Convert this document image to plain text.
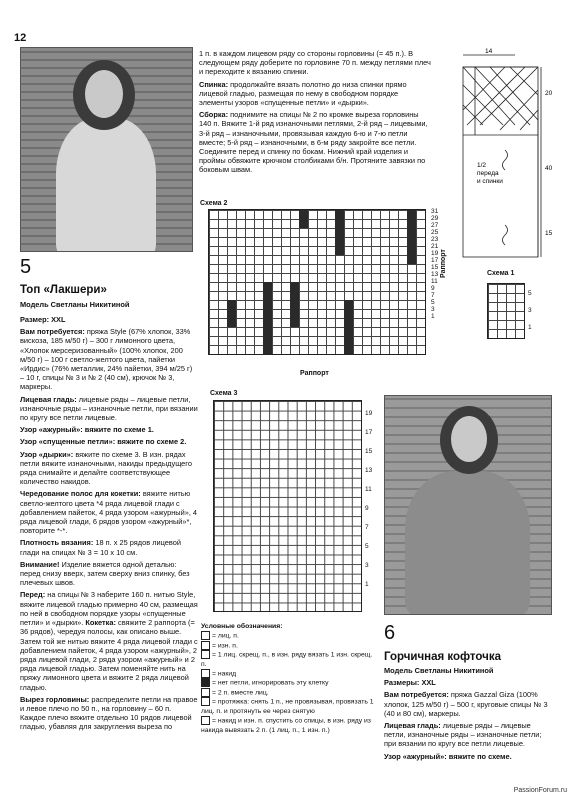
12
5
Топ «Лакшери»
Модель Светланы Никитиной

Размер: XXL

Вам потребуется: пряжа Style (67% хлопок, 33% вискоза, 185 м/50 г) – 300 г лимонного цвета, «Хлопок мерсеризованный» (100% хлопок, 200 м/50 г) – 100 г светло-желтого цвета, пайетки «Ирдис» (76% металлик, 24% пайетки, 394 м/25 г) – 10 г, спицы № 3 и № 2 (40 см), крючок № 3, маркеры.

Лицевая гладь: лицевые ряды – лицевые петли, изнаночные ряды – изнаночные петли, при вязании по кругу все петли лицевые.

Узор «ажурный»: вяжите по схеме 1.

Узор «спущенные петли»: вяжите по схеме 2.

Узор «дырки»: вяжите по схеме 3. В изн. рядах петли вяжите изнаночными, накиды предыдущего ряда снимайте и делайте соответствующее количество накидов.

Чередование полос для кокетки: вяжите нитью светло-желтого цвета *4 ряда лицевой глади с добавлением пайеток, 4 ряда узором «ажурный», 4 ряда лицевой глади, 6 рядов узором «ажурный»*, повторите *-*.

Плотность вязания: 18 п. х 25 рядов лицевой глади на спицах № 3 = 10 х 10 см.

Внимание! Изделие вяжется одной деталью: перед снизу вверх, затем сверху вниз спинку, без плечевых швов.

Перед: на спицы № 3 наберите 160 п. нитью Style, вяжите лицевой гладью примерно 40 см, размещая по ней в свободном порядке узоры «спущенные петли» и «дырки». Кокетка: свяжите 2 раппорта (= 36 рядов), чередуя полосы, как описано выше. Затем той же нитью вяжите 4 ряда лицевой глади с добавлением пайеток, 4 ряда узором «ажурный», 2 ряда лицевой глади, 2 ряда узором «ажурный» и 2 ряда лицевой гладью. Затем поменяйте нить на пряжу лимонного цвета и вяжите 2 ряда лицевой гладью.

Вырез горловины: распределите петли на правое и левое плечо по 50 п., на горловину – 60 п. Каждое плечо вяжите отдельно 10 рядов лицевой гладью, убавляя для закругления выреза по

1 п. в каждом лицевом ряду со стороны горловины (= 45 п.). В следующем ряду доберите по горловине 70 п. между петлями плеч и переходите к вязанию спинки.

Спинка: продолжайте вязать полотно до низа спинки прямо лицевой гладью, размещая по нему в свободном порядке элементы узоров «спущенные петли» и «дырки».

Сборка: поднимите на спицы № 2 по кромке выреза горловины 140 п. Вяжите 1-й ряд изнаночными петлями, 2-й ряд – лицевыми, 3-й ряд – изнаночными, провязывая каждую 6-ю и 7-ю петли вместе; 5-й ряд – изнаночными, в 6-м ряду закройте все петли. Соедините перед и спинку по бокам. Нижний край изделия и проймы обвяжите крючком столбиками б/н. Протяните завязки по боковым швам.

14
20
40
15
1/2
переда
и спинки
Схема 2
31
29
27
25
23
21
19
17
15
13
11
9
7
5
3
1
Раппорт
Раппорт
Схема 1
5
3
1
Схема 3
19
17
15
13
11
9
7
5
3
1
Условные обозначения:
= лиц. п.
= изн. п.
= 1 лиц. скрещ. п., в изн. ряду вязать 1 изн. скрещ. п.
= накид
= нет петли, игнорировать эту клетку
= 2 п. вместе лиц.
= протяжка: снять 1 п., не провязывая, провязать 1 лиц. п. и протянуть ее через снятую
= накид и изн. п. спустить со спицы, в изн. ряду из накида вывязать 2 п. (1 лиц. п., 1 изн. п.)
6
Горчичная кофточка

Модель Светланы Никитиной

Размеры: XXL

Вам потребуется: пряжа Gazzal Giza (100% хлопок, 125 м/50 г) – 500 г, круговые спицы № 3 (40 и 80 см), маркеры.

Лицевая гладь: лицевые ряды – лицевые петли, изнаночные ряды – изнаночные петли; при вязании по кругу все петли лицевые.

Узор «ажурный»: вяжите по схеме.

PassionForum.ru
